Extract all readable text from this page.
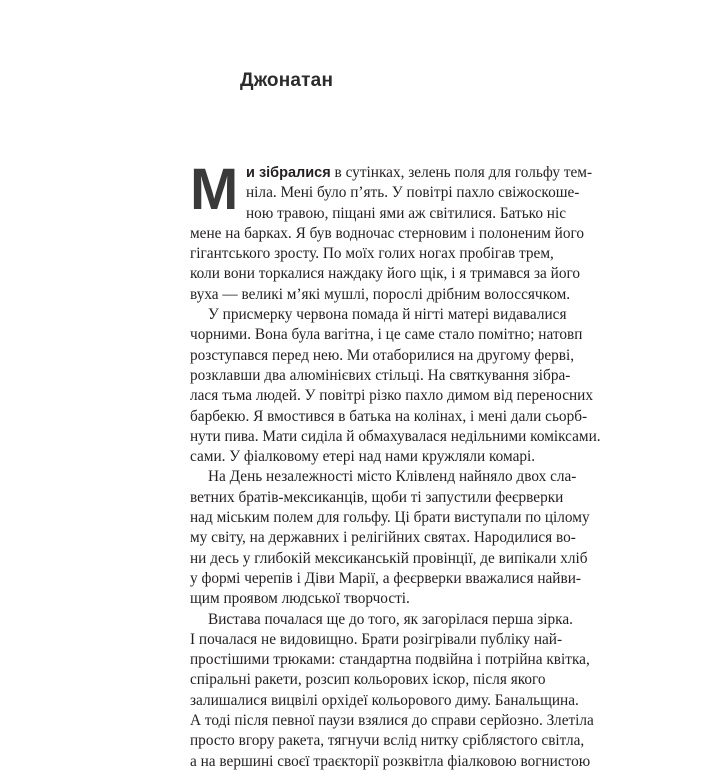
Джонатан
М и зібралися в сутінках, зелень поля для гольфу тем-
ніла. Мені було п’ять. У повітрі пахло свіжоскоше-
ною травою, піщані ями аж світилися. Батько ніс
мене на барках. Я був водночас стерновим і полоненим його
гігантського зросту. По моїх голих ногах пробігав трем,
коли вони торкалися наждаку його щік, і я тримався за його
вуха — великі м’які мушлі, порослі дрібним волоссячком.
У присмерку червона помада й нігті матері видавалися
чорними. Вона була вагітна, і це саме стало помітно; натовп
розступався перед нею. Ми отаборилися на другому ферві,
розклавши два алюмінієвих стільці. На святкування зібра-
лася тьма людей. У повітрі різко пахло димом від переносних
барбекю. Я вмостився в батька на колінах, і мені дали сьорб-
нути пива. Мати сиділа й обмахувалася недільними коміксами.
сами. У фіалковому етері над нами кружляли комарі.
На День незалежності місто Клівленд найняло двох сла-
ветних братів-мексиканців, щоби ті запустили феєрверки
над міським полем для гольфу. Ці брати виступали по цілому
му світу, на державних і релігійних святах. Народилися во-
ни десь у глибокій мексиканській провінції, де випікали хліб
у формі черепів і Діви Марії, а феєрверки вважалися найви-
щим проявом людської творчості.
Вистава почалася ще до того, як загорілася перша зірка.
І почалася не видовищно. Брати розігрівали публіку най-
простішими трюками: стандартна подвійна і потрійна квітка,
спіральні ракети, розсип кольорових іскор, після якого
залишалися вицвілі орхідеї кольорового диму. Банальщина.
А тоді після певної паузи взялися до справи серйозно. Злетіла
просто вгору ракета, тягнучи вслід нитку сріблястого світла,
а на вершині своєї траєкторії розквітла фіалковою вогнистою
